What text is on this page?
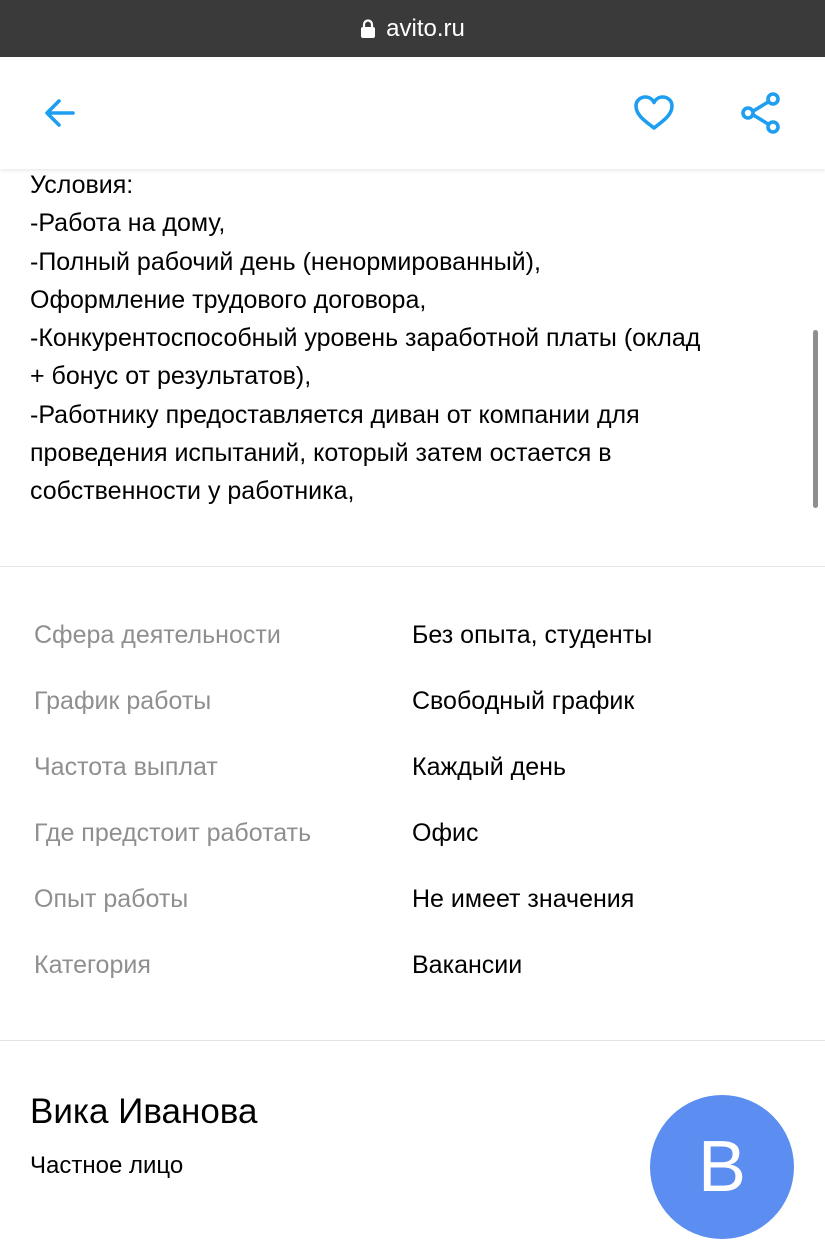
avito.ru
Условия:
-Работа на дому,
-Полный рабочий день (ненормированный),
Оформление трудового договора,
-Конкурентоспособный уровень заработной платы (оклад
+ бонус от результатов),
-Работнику предоставляется диван от компании для
проведения испытаний, который затем остается в
собственности у работника,
Сфера деятельности	Без опыта, студенты
График работы	Свободный график
Частота выплат	Каждый день
Где предстоит работать	Офис
Опыт работы	Не имеет значения
Категория	Вакансии
Вика Иванова
Частное лицо	В
